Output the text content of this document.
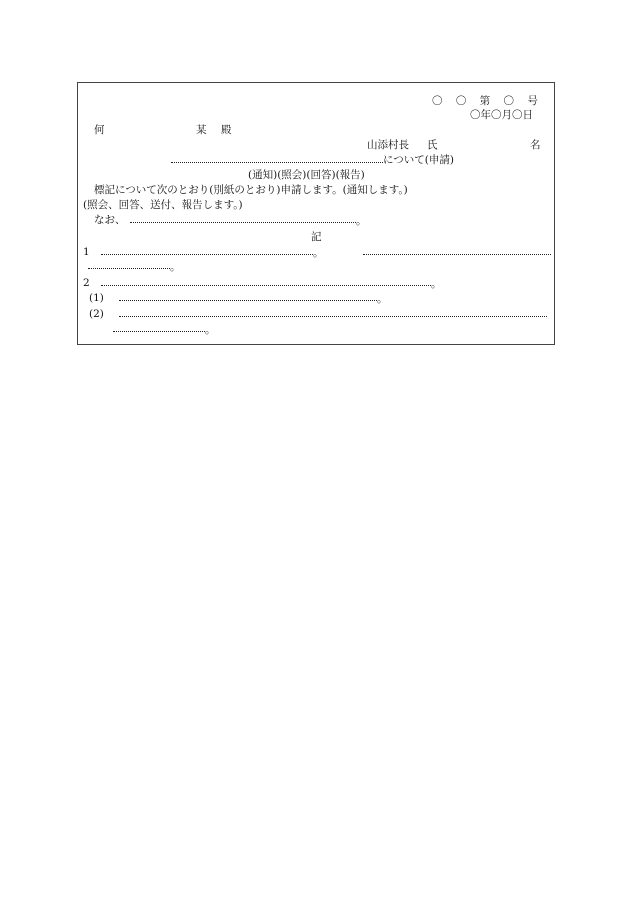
〇 〇 第 〇 号
〇年〇月〇日
何	某 殿
山添村長 氏	名
について(申請)
(通知)(照会)(回答)(報告)
標記について次のとおり(別紙のとおり)申請します。(通知します。)
(照会、回答、送付、報告します。)
なお、	。
記
1	。
。
2	。
(1)	。
(2)
。
